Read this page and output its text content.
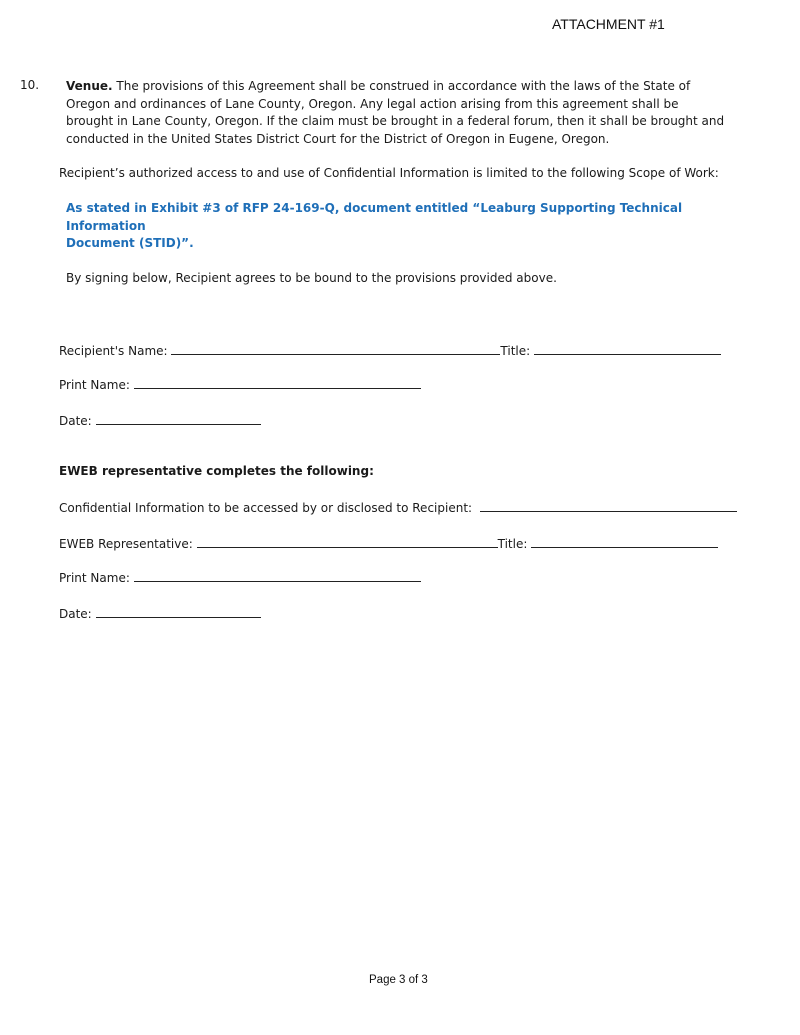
ATTACHMENT #1
10. Venue. The provisions of this Agreement shall be construed in accordance with the laws of the State of Oregon and ordinances of Lane County, Oregon. Any legal action arising from this agreement shall be brought in Lane County, Oregon. If the claim must be brought in a federal forum, then it shall be brought and conducted in the United States District Court for the District of Oregon in Eugene, Oregon.
Recipient’s authorized access to and use of Confidential Information is limited to the following Scope of Work:
As stated in Exhibit #3 of RFP 24-169-Q, document entitled “Leaburg Supporting Technical Information
Document (STID)”.
By signing below, Recipient agrees to be bound to the provisions provided above.
Recipient's Name:	Title:
Print Name:
Date:
EWEB representative completes the following:
Confidential Information to be accessed by or disclosed to Recipient:
EWEB Representative:	Title:
Print Name:
Date:
Page 3 of 3
